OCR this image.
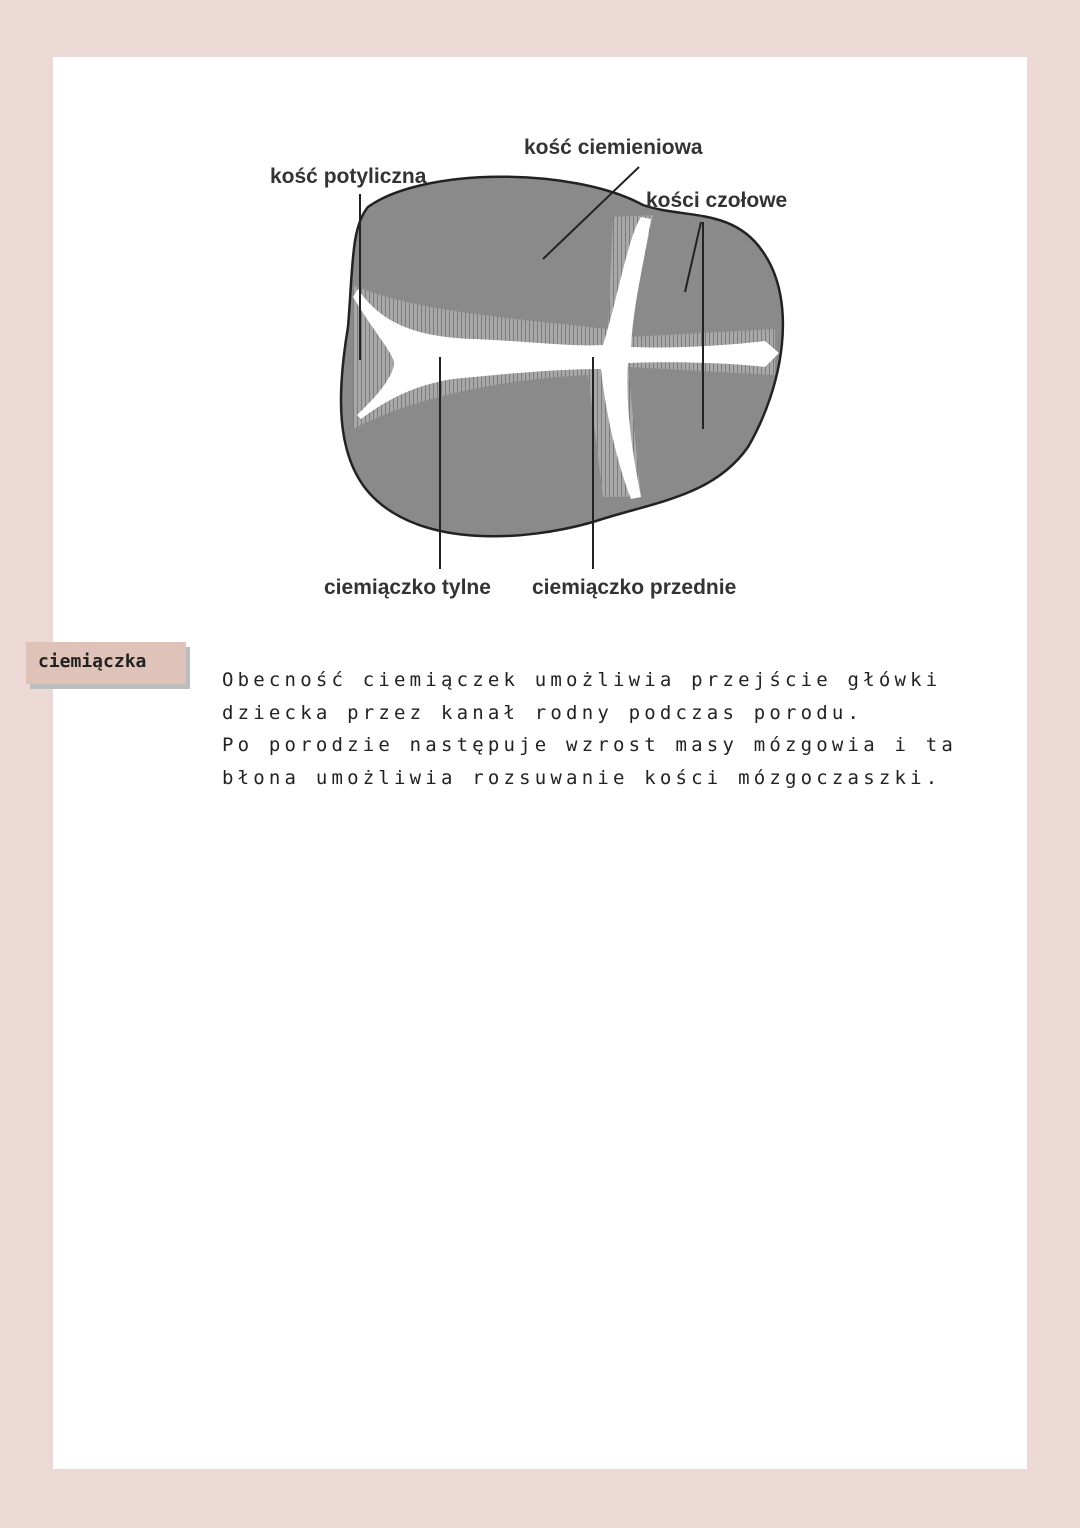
kość potyliczna
kość ciemieniowa
kości czołowe
ciemiączko tylne ciemiączko przednie
ciemiączka

Obecność ciemiączek umożliwia przejście główki dziecka przez kanał rodny podczas porodu.

Po porodzie następuje wzrost masy mózgowia i ta błona umożliwia rozsuwanie kości mózgoczaszki.
